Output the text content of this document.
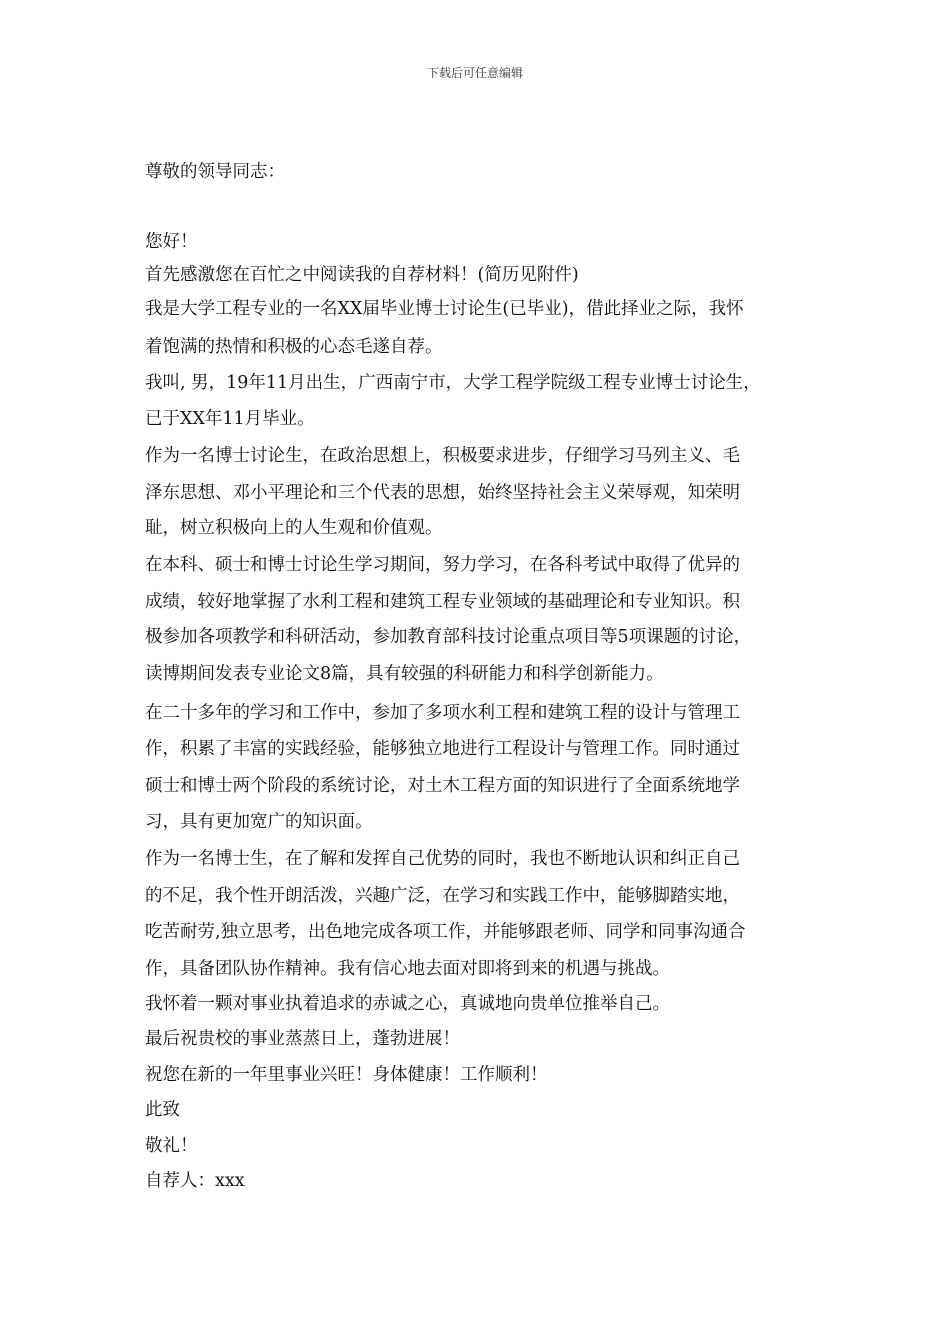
下载后可任意编辑
尊敬的领导同志：
您好！
首先感激您在百忙之中阅读我的自荐材料！(简历见附件)
我是大学工程专业的一名XX届毕业博士讨论生(已毕业)，借此择业之际，我怀
着饱满的热情和积极的心态毛遂自荐。
我叫, 男，19年11月出生，广西南宁市，大学工程学院级工程专业博士讨论生，
已于XX年11月毕业。
作为一名博士讨论生，在政治思想上，积极要求进步，仔细学习马列主义、毛
泽东思想、邓小平理论和三个代表的思想，始终坚持社会主义荣辱观，知荣明
耻，树立积极向上的人生观和价值观。
在本科、硕士和博士讨论生学习期间，努力学习，在各科考试中取得了优异的
成绩，较好地掌握了水利工程和建筑工程专业领域的基础理论和专业知识。积
极参加各项教学和科研活动，参加教育部科技讨论重点项目等5项课题的讨论，
读博期间发表专业论文8篇，具有较强的科研能力和科学创新能力。
在二十多年的学习和工作中，参加了多项水利工程和建筑工程的设计与管理工
作，积累了丰富的实践经验，能够独立地进行工程设计与管理工作。同时通过
硕士和博士两个阶段的系统讨论，对土木工程方面的知识进行了全面系统地学
习，具有更加宽广的知识面。
作为一名博士生，在了解和发挥自己优势的同时，我也不断地认识和纠正自己
的不足，我个性开朗活泼，兴趣广泛，在学习和实践工作中，能够脚踏实地，
吃苦耐劳,独立思考，出色地完成各项工作，并能够跟老师、同学和同事沟通合
作，具备团队协作精神。我有信心地去面对即将到来的机遇与挑战。
我怀着一颗对事业执着追求的赤诚之心，真诚地向贵单位推举自己。
最后祝贵校的事业蒸蒸日上，蓬勃进展！
祝您在新的一年里事业兴旺！身体健康！工作顺利！
此致
敬礼！
自荐人：xxx
